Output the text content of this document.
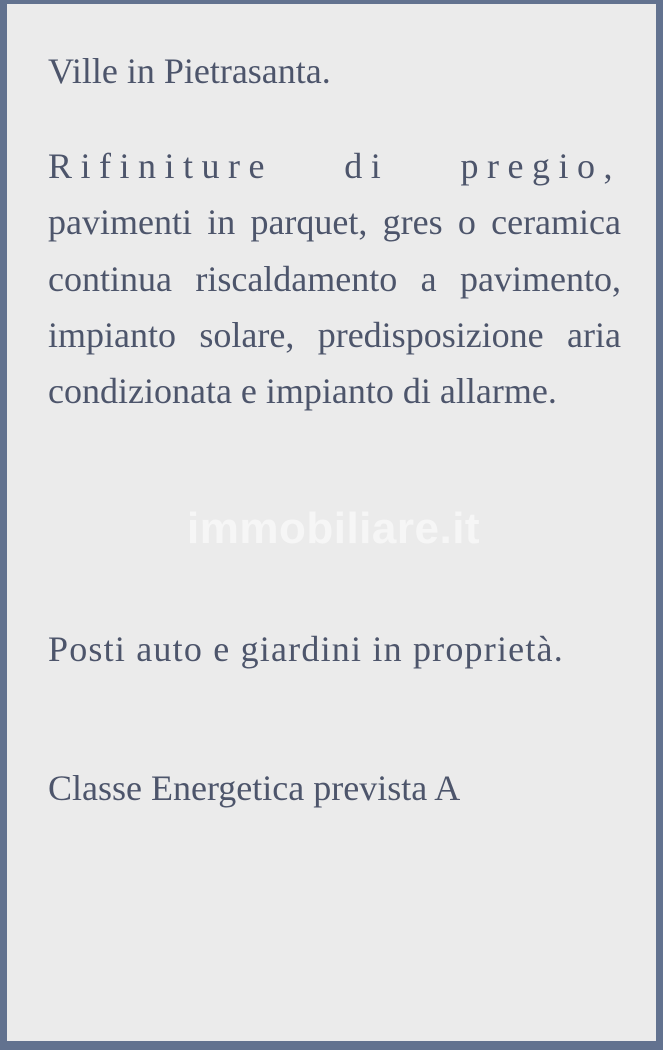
Ville in Pietrasanta.

Rifiniture di pregio, pavimenti in parquet, gres o ceramica continua riscaldamento a pavimento, impianto solare, predisposizione aria condizionata e impianto di allarme.

Posti auto e giardini in proprietà.

Classe Energetica prevista A

immobiliare.it
